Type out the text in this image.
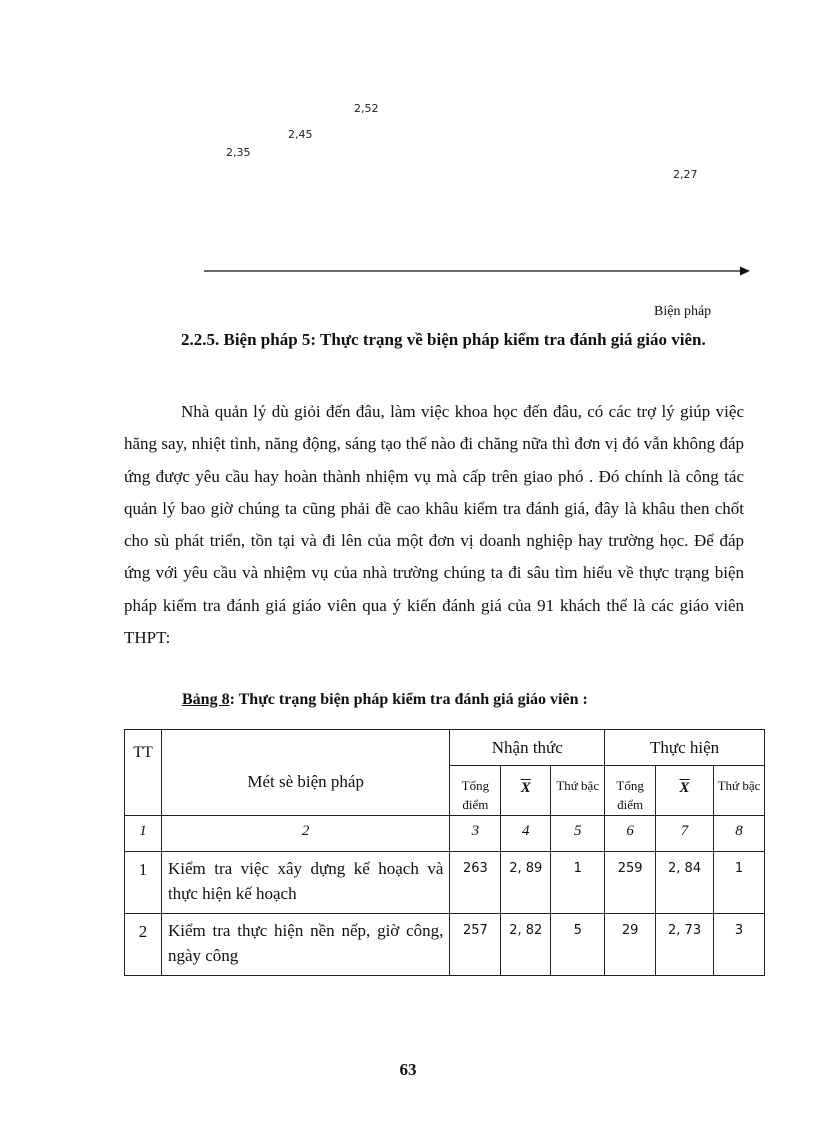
2,35
2,45
2,52
2,27
Biện pháp
2.2.5. Biện pháp 5: Thực trạng về biện pháp kiểm tra đánh giá giáo viên.
Nhà quản lý dù giỏi đến đâu, làm việc khoa học đến đâu, có các trợ lý giúp việc hăng say, nhiệt tình, năng động, sáng tạo thế nào đi chăng nữa thì đơn vị đó vẫn không đáp ứng được yêu cầu hay hoàn thành nhiệm vụ mà cấp trên giao phó . Đó chính là công tác quản lý bao giờ chúng ta cũng phải đề cao khâu kiểm tra đánh giá, đây là khâu then chốt cho sù phát triển, tồn tại và đi lên của một đơn vị doanh nghiệp hay trường học. Để đáp ứng với yêu cầu và nhiệm vụ của nhà trường chúng ta đi sâu tìm hiểu về thực trạng biện pháp kiểm tra đánh giá giáo viên qua ý kiến đánh giá của 91 khách thể là các giáo viên THPT:
Bảng 8: Thực trạng biện pháp kiểm tra đánh giá giáo viên :
TT	Mét sè biện pháp	Nhận thức			Thực hiện		
		Tổng điểm	$\overline{X}$	Thứ bậc	Tổng điểm	$\overline{X}$	Thứ bậc
1	2	3	4	5	6	7	8
1	Kiểm tra việc xây dựng kế hoạch và thực hiện kế hoạch	263	2, 89	1	259	2, 84	1
2	Kiểm tra thực hiện nền nếp, giờ công, ngày công	257	2, 82	5	29	2, 73	3
63
